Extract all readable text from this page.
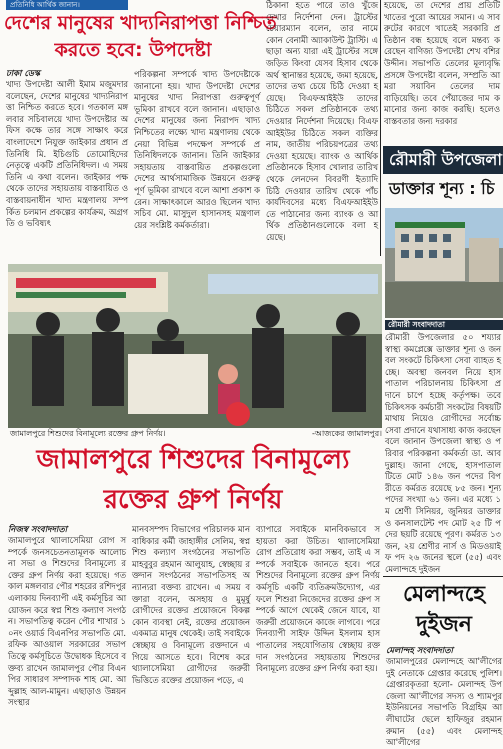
প্রতিনিধি আর্থিক জানান।
দেশের মানুষের খাদ্যনিরাপত্তা নিশ্চিত
করতে হবে: উপদেষ্টা
ঢাকা ডেস্ক
খাদ্য উপদেষ্টা আলী ইমাম মজুমদার বলেছেন, দেশের মানুষের খাদ্যনিরাপত্তা নিশ্চিত করতে হবে। গতকাল মঙ্গলবার সচিবালয়ে খাদ্য উপদেষ্টার অফিস কক্ষে তার সঙ্গে সাক্ষাৎ করে বাংলাদেশে নিযুক্ত জাইকার প্রধান প্রতিনিধি মি. ইচিগুচি তোমোহিদের নেতৃত্বে একটি প্রতিনিধিদল। এ সময় তিনি এ কথা বলেন। জাইকার পক্ষ থেকে তাদের সহায়তায় বাস্তবায়িত ও বাস্তবায়নাধীন খাদ্য মন্ত্রণালয় সম্পর্কিত চলমান প্রকল্পের কার্যক্রম, অগ্রগতি ও ভবিষ্যৎ
পরিকল্পনা সম্পর্কে খাদ্য উপদেষ্টাকে জানানো হয়। খাদ্য উপদেষ্টা দেশের মানুষের খাদ্য নিরাপত্তা গুরুত্বপূর্ণ ভূমিকা রাখবে বলে জানান। এছাড়াও দেশের মানুষের জন্য নিরাপদ খাদ্য নিশ্চিতের লক্ষ্যে খাদ্য মন্ত্রণালয় থেকে নেয়া বিভিন্ন পদক্ষেপ সম্পর্কে প্রতিনিধিদলকে জানান। তিনি জাইকার সহায়তায় বাস্তবায়িত প্রকল্পগুলো দেশের আর্থসামাজিক উন্নয়নে গুরুত্বপূর্ণ ভূমিকা রাখবে বলে আশা প্রকাশ করেন। সাক্ষাৎকালে আরও ছিলেন খাদ্য সচিব মো. মাসুদুল হাসানসহ মন্ত্রণালয়ের সংশ্লিষ্ট কর্মকর্তারা।
ঠিকানা হতে পারে তাও খুঁজে দেখার নির্দেশনা দেন। ট্রাস্টের চেয়ারম্যান বলেন, তার নামে কোন বেনামী অ্যাকাউন্ট ট্রাস্টি। এ ছাড়া অন্য যারা এই ট্রাস্টের সঙ্গে জড়িত কিংবা যেসব হিসাব থেকে অর্থ স্থানান্তর হয়েছে, জমা হয়েছে, তাদের তথ্য চেয়ে চিঠি দেওয়া হয়েছে। বিএফআইইউ তাদের চিঠিতে সকল প্রতিষ্ঠানকে তথ্য দেওয়ার নির্দেশনা দিয়েছে। বিএফআইইউর চিঠিতে সকল ব্যক্তির নাম, জাতীয় পরিচয়পত্রের তথ্য দেওয়া হয়েছে। ব্যাংক ও আর্থিক প্রতিষ্ঠানকে হিসাব খোলার তারিখ থেকে লেনদেন বিবরণী ইত্যাদি চিঠি দেওয়ার তারিখ থেকে পাঁচ কার্যদিবসের মধ্যে বিএফআইইউতে পাঠানোর জন্য ব্যাংক ও আর্থিক প্রতিষ্ঠানগুলোকে বলা হয়েছে।
হয়েছে, তা দেশের প্রায় প্রতিটি খাতের পুরো আয়ের সমান। এ সাবরুটের কারণে খাতেই সরকারি প্রতিষ্ঠান বন্ধ হয়েছে বলে মন্তব্য করেছেন বাণিজ্য উপদেষ্টা শেখ বশিরউদ্দীন। সভাপতি তেলের মূল্যবৃদ্ধি প্রসঙ্গে উপদেষ্টা বলেন, সম্প্রতি আমরা সয়াবিন তেলের দাম বাড়িয়েছি। তবে পেঁয়াজের দাম কমানোর জন্য কাজ করছি। হলেও বাস্তবতার জন্য দরকার
রৌমারী উপজেলা
ডাক্তার শূন্য : চি
রৌমারী সংবাদদাতা
রৌমারী উপজেলার ৫০ শয্যার স্বাস্থ্য কমপ্লেক্সে ডাক্তার শূন্য ও জনবল সংকটে চিকিৎসা সেবা ব্যাহত হচ্ছে। অবস্থা জনবল নিয়ে হাসপাতাল পরিচালনায় চিকিৎসা প্রদানে চাপে হচ্ছে কর্তৃপক্ষ। তবে চিকিৎসক কর্মচারী সংকটের বিষয়টি মাথায় নিয়েও রোগীদের সর্বোচ্চ সেবা প্রদানে যথাসাধ্য কাজ করছেন বলে জানান উপজেলা স্বাস্থ্য ও পরিবার পরিকল্পনা কর্মকর্তা ডা. আবদুল্লাহ। জানা গেছে, হাসপাতালটিতে মোট ১৪৬ জন পদের বিপরীতে কর্মরত রয়েছে ৮৫ জন। শূন্য পদের সংখ্যা ৬১ জন। এর মধ্যে ১ম শ্রেণী সিনিয়র, জুনিয়র ডাক্তার ও কনসালটেন্ট পদ মোট ২৫ টি পদের ছয়টি রয়েছে পূরণ। কর্মরত ১৩জন, ২য় শ্রেণীর নার্স ও মিডওয়াইফ পদ ২৬ জনের স্থলে (৫৫) এবং মেলান্দহে দুইজন
জামালপুরে শিশুদের বিনামূল্যে রক্তের গ্রুপ নির্ণয়।	-আজকের জামালপুর।
জামালপুরে শিশুদের বিনামূল্যে
রক্তের গ্রুপ নির্ণয়
নিজস্ব সংবাদদাতা
জামালপুরে থ্যালাসেমিয়া রোগ সম্পর্কে জনসচেতনতামূলক আলোচনা সভা ও শিশুদের বিনামূল্যে রক্তের গ্রুপ নির্ণয় করা হয়েছে। গতকাল মঙ্গলবার পৌর শহরের রশিদপুর এলাকায় দিনব্যাপী এই কর্মসূচির আয়োজন করে স্বপ্ন শিশু কল্যাণ সংগঠন। সভাপতিত্ব করেন পৌর শাখার ১০নং ওয়ার্ড বিএনপির সভাপতি মো. রফিক আওয়াল সরকারের সভাপতিত্বে কর্মসূচিতে উদ্বোধক হিসেবে বক্তব্য রাখেন জামালপুর পৌর বিএনপির সাধারণ সম্পাদক শাহ মো. আব্দুল্লাহ আল-মামুন। এছাড়াও উন্নয়ন সংস্থার
মানবসম্পদ বিভাগের পরিচালক মানবাধিকার কর্মী জাহাঙ্গীর সেলিম, স্বপ্ন শিশু কল্যাণ সংগঠনের সভাপতি মাহবুবুর রহমান আলুয়াহ, স্বেচ্ছায় রক্তদান সংগঠনের সভাপতিসহ অন্যান্যরা বক্তব্য রাখেন। এ সময় বক্তারা বলেন, অসহায় ও মুমূর্ষু রোগীদের রক্তের প্রয়োজনে বিকল্প কোন ব্যবস্থা নেই, রক্তের প্রয়োজন একমাত্র মানুষ থেকেই। তাই সবাইকে স্বেচ্ছায় ও বিনামূল্যে রক্তদানে এগিয়ে আসতে হবে। বিশেষ করে থ্যালাসেমিয়া রোগীদের জরুরী ভিত্তিতে রক্তের প্রয়োজন পড়ে, এ
ব্যাপারে সবাইকে মানবিকভাবে সহায়তা করা উচিত। থ্যালাসেমিয়া রোগ প্রতিরোধ করা সম্ভব, তাই এ সম্পর্কে সবাইকে জানতে হবে। পরে শিশুদের বিনামূল্যে রক্তের গ্রুপ নির্ণয় কর্মসূচি একটি ব্যতিক্রমউদ্যোগ, এর ফলে শিশুরা নিজেদের রক্তের গ্রুপ সম্পর্কে আগে থেকেই জেনে যাবে, যা জরুরী প্রয়োজনে কাজে লাগবে। পরে দিনব্যাপী সাইফ উদ্দিন ইসলাম হাসপাতালের সহযোগিতায় স্বেচ্ছায় রক্তদান সংগঠনের সহায়তায় শিশুদের বিনামূল্যে রক্তের গ্রুপ নির্ণয় করা হয়।
মেলান্দহে
দুইজন
মেলান্দহ সংবাদদাতা
জামালপুরের মেলান্দহে আ'লীগের দুই নেতাকে গ্রেপ্তার করেছে পুলিশ। গ্রেপ্তারকৃতরা হলো- মেলান্দহ উপজেলা আ'লীগের সদস্য ও শ্যামপুর ইউনিয়নের সভাপতি বিগ্রহিম আলীঘাটের ছেলে হাফিজুর রহমান রুমান (৫৫) এবং মেলান্দহ আ'লীগের
